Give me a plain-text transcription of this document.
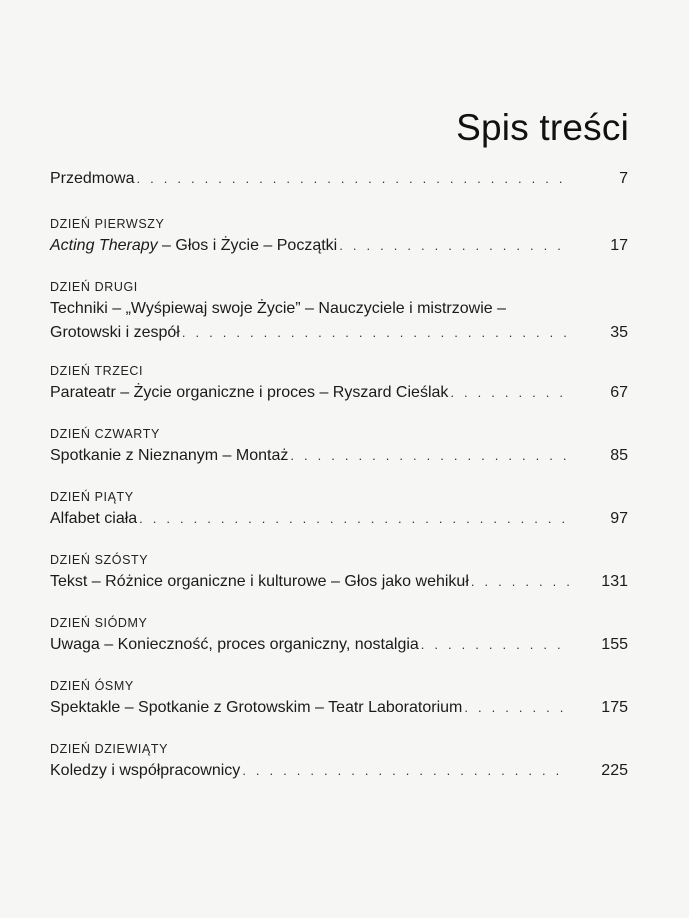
Spis treści
Przedmowa . . .	7
DZIEŃ PIERWSZY
Acting Therapy – Głos i Życie – Początki . . .	17
DZIEŃ DRUGI
Techniki – „Wyśpiewaj swoje Życie” – Nauczyciele i mistrzowie –
Grotowski i zespół . . .	35
DZIEŃ TRZECI
Parateatr – Życie organiczne i proces – Ryszard Cieślak . . .	67
DZIEŃ CZWARTY
Spotkanie z Nieznanym – Montaż . . .	85
DZIEŃ PIĄTY
Alfabet ciała . . .	97
DZIEŃ SZÓSTY
Tekst – Różnice organiczne i kulturowe – Głos jako wehikuł . . .	131
DZIEŃ SIÓDMY
Uwaga – Konieczność, proces organiczny, nostalgia . . .	155
DZIEŃ ÓSMY
Spektakle – Spotkanie z Grotowskim – Teatr Laboratorium . . .	175
DZIEŃ DZIEWIĄTY
Koledzy i współpracownicy . . .	225
